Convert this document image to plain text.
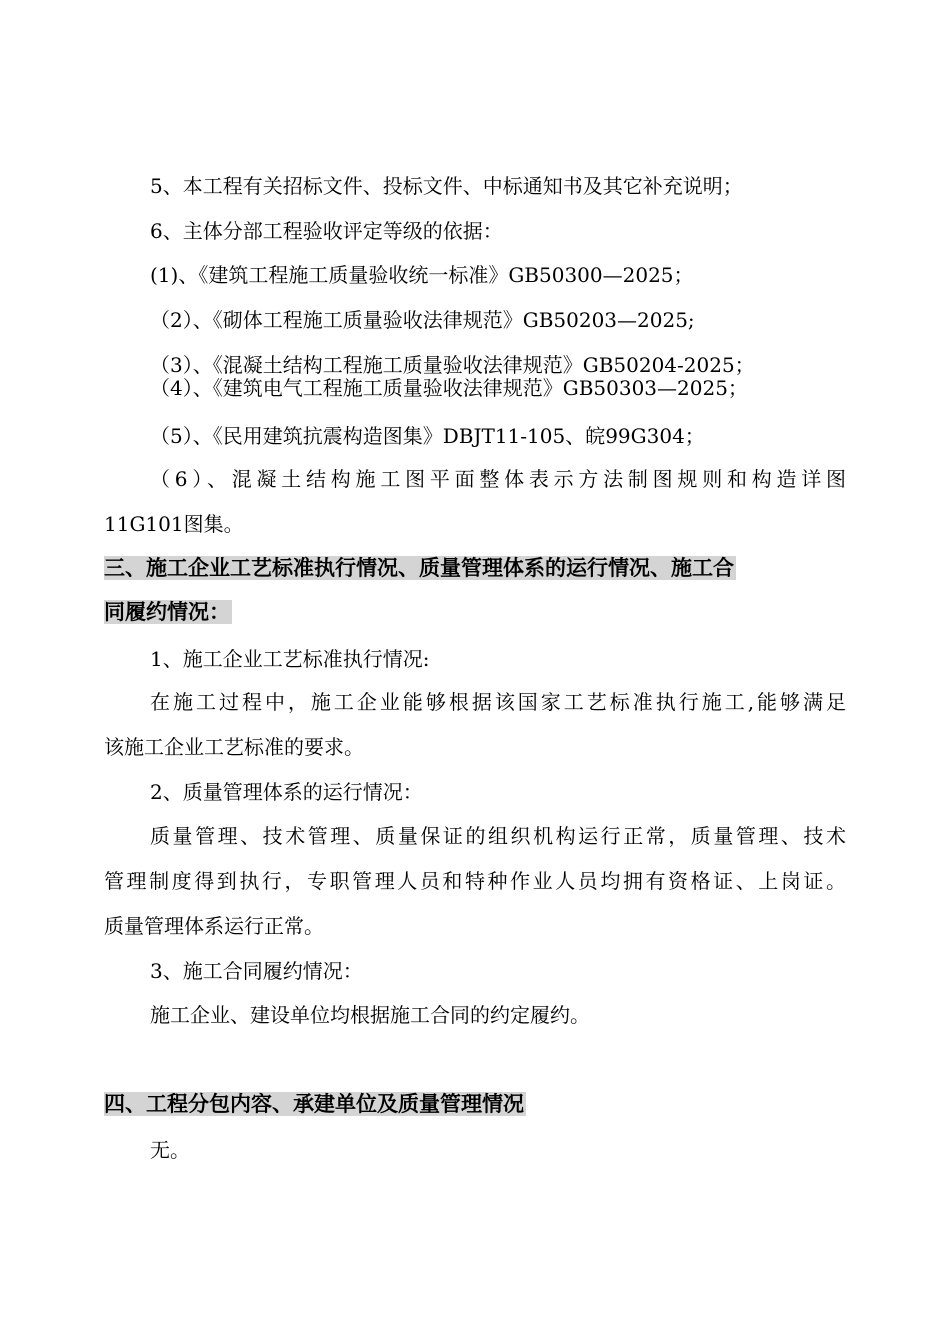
5、本工程有关招标文件、投标文件、中标通知书及其它补充说明；
6、主体分部工程验收评定等级的依据：
(1)、《建筑工程施工质量验收统一标准》GB50300—2025；
（2）、《砌体工程施工质量验收法律规范》GB50203—2025;
（3）、《混凝土结构工程施工质量验收法律规范》GB50204-2025；
（4）、《建筑电气工程施工质量验收法律规范》GB50303—2025；
（5）、《民用建筑抗震构造图集》DBJT11-105、皖99G304；
（6）、混凝土结构施工图平面整体表示方法制图规则和构造详图
11G101图集。
三、施工企业工艺标准执行情况、质量管理体系的运行情况、施工合
同履约情况：
1、施工企业工艺标准执行情况:
在施工过程中，施工企业能够根据该国家工艺标准执行施工,能够满足
该施工企业工艺标准的要求。
2、质量管理体系的运行情况：
质量管理、技术管理、质量保证的组织机构运行正常，质量管理、技术
管理制度得到执行，专职管理人员和特种作业人员均拥有资格证、上岗证。
质量管理体系运行正常。
3、施工合同履约情况：
施工企业、建设单位均根据施工合同的约定履约。
四、工程分包内容、承建单位及质量管理情况
无。
